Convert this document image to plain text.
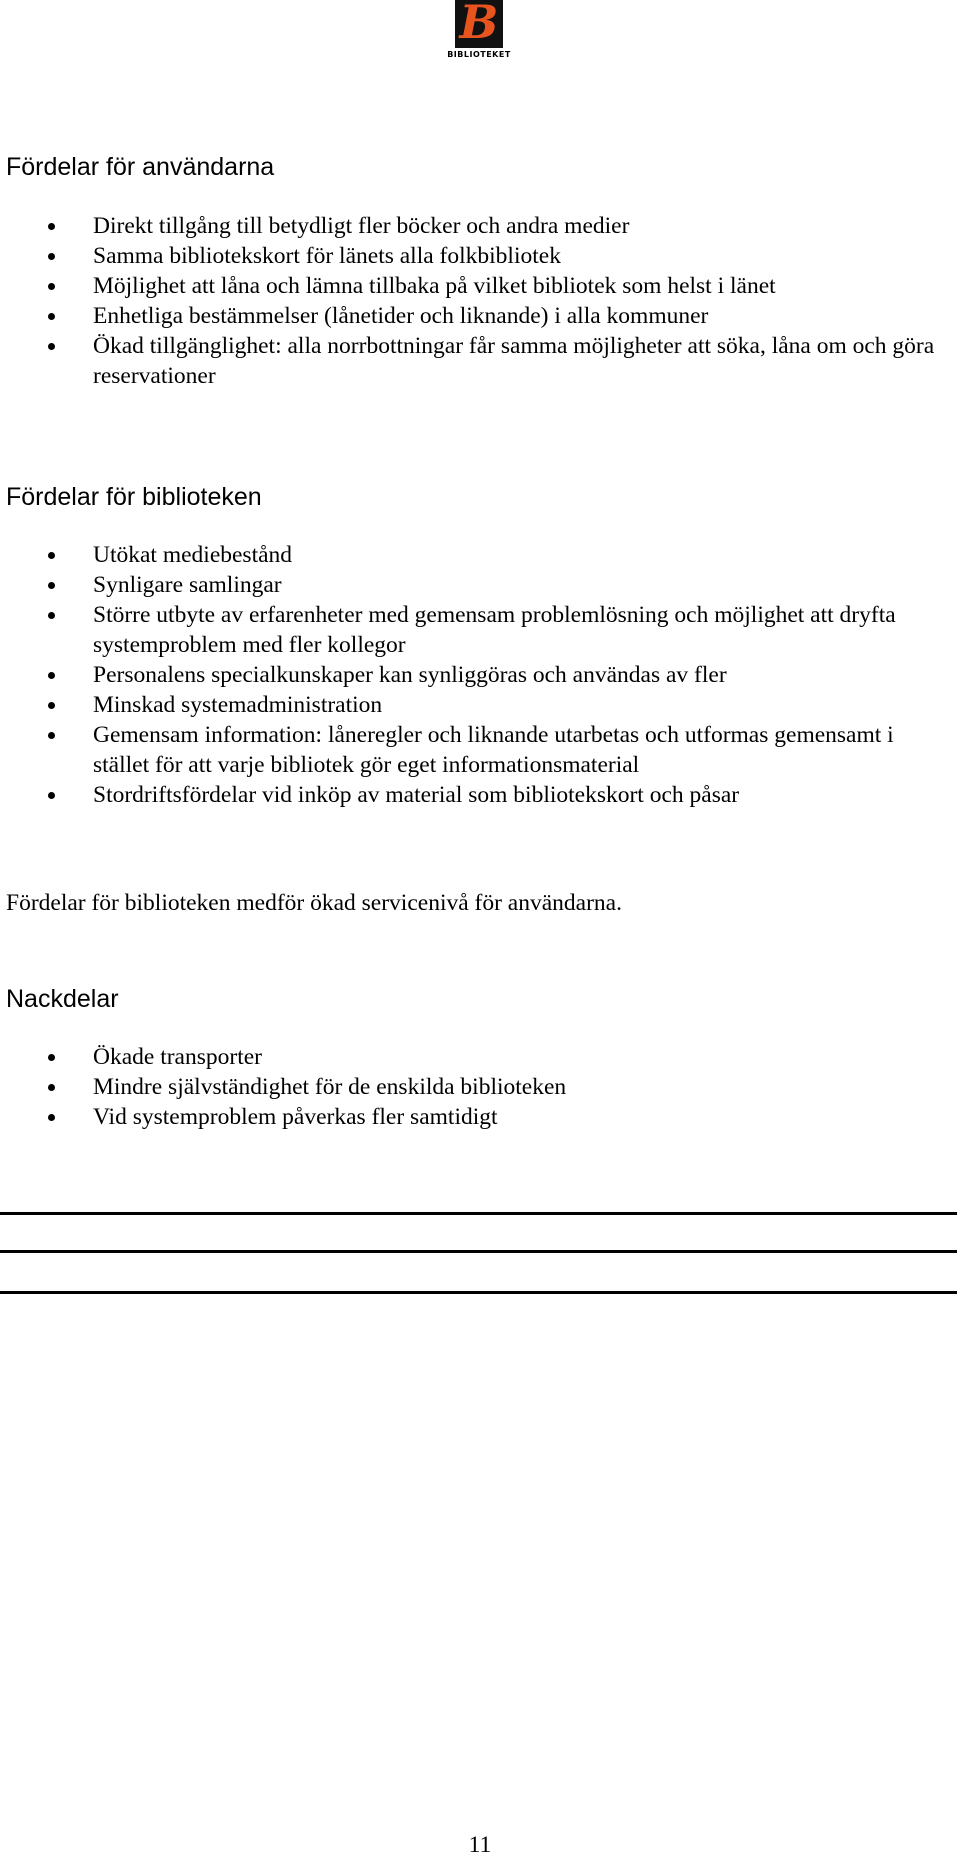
B
BIBLIOTEKET
Fördelar för användarna
Direkt tillgång till betydligt fler böcker och andra medier
Samma bibliotekskort för länets alla folkbibliotek
Möjlighet att låna och lämna tillbaka på vilket bibliotek som helst i länet
Enhetliga bestämmelser (lånetider och liknande) i alla kommuner
Ökad tillgänglighet: alla norrbottningar får samma möjligheter att söka, låna om och göra reservationer
Fördelar för biblioteken
Utökat mediebestånd
Synligare samlingar
Större utbyte av erfarenheter med gemensam problemlösning och möjlighet att dryfta systemproblem med fler kollegor
Personalens specialkunskaper kan synliggöras och användas av fler
Minskad systemadministration
Gemensam information: låneregler och liknande utarbetas och utformas gemensamt i stället för att varje bibliotek gör eget informationsmaterial
Stordriftsfördelar vid inköp av material som bibliotekskort och påsar

Fördelar för biblioteken medför ökad servicenivå för användarna.

Nackdelar
Ökade transporter
Mindre självständighet för de enskilda biblioteken
Vid systemproblem påverkas fler samtidigt
11
